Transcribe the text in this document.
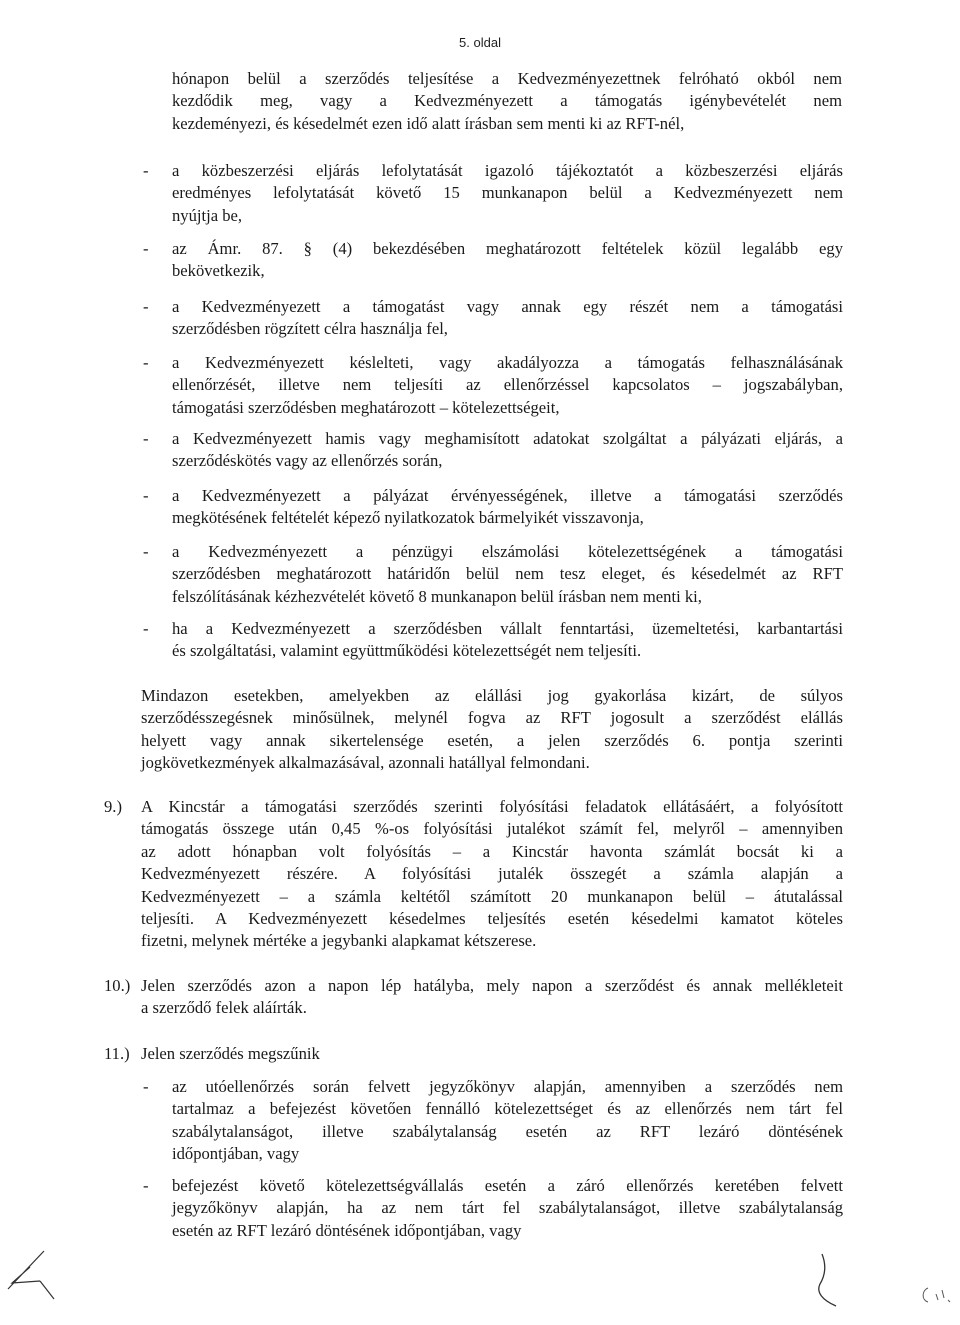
5. oldal

hónapon belül a szerződés teljesítése a Kedvezményezettnek felróható okból nem

kezdődik meg, vagy a Kedvezményezett a támogatás igénybevételét nem

kezdeményezi, és késedelmét ezen idő alatt írásban sem menti ki az RFT-nél,

- a közbeszerzési eljárás lefolytatását igazoló tájékoztatót a közbeszerzési eljárás

eredményes lefolytatását követő 15 munkanapon belül a Kedvezményezett nem

nyújtja be,

- az Ámr. 87. § (4) bekezdésében meghatározott feltételek közül legalább egy

bekövetkezik,

- a Kedvezményezett a támogatást vagy annak egy részét nem a támogatási

szerződésben rögzített célra használja fel,

- a Kedvezményezett késlelteti, vagy akadályozza a támogatás felhasználásának

ellenőrzését, illetve nem teljesíti az ellenőrzéssel kapcsolatos – jogszabályban,

támogatási szerződésben meghatározott – kötelezettségeit,

- a Kedvezményezett hamis vagy meghamisított adatokat szolgáltat a pályázati eljárás, a

szerződéskötés vagy az ellenőrzés során,

- a Kedvezményezett a pályázat érvényességének, illetve a támogatási szerződés

megkötésének feltételét képező nyilatkozatok bármelyikét visszavonja,

- a Kedvezményezett a pénzügyi elszámolási kötelezettségének a támogatási

szerződésben meghatározott határidőn belül nem tesz eleget, és késedelmét az RFT

felszólításának kézhezvételét követő 8 munkanapon belül írásban nem menti ki,

- ha a Kedvezményezett a szerződésben vállalt fenntartási, üzemeltetési, karbantartási

és szolgáltatási, valamint együttműködési kötelezettségét nem teljesíti.

Mindazon esetekben, amelyekben az elállási jog gyakorlása kizárt, de súlyos

szerződésszegésnek minősülnek, melynél fogva az RFT jogosult a szerződést elállás

helyett vagy annak sikertelensége esetén, a jelen szerződés 6. pontja szerinti

jogkövetkezmények alkalmazásával, azonnali hatállyal felmondani.

9.) A Kincstár a támogatási szerződés szerinti folyósítási feladatok ellátásáért, a folyósított

támogatás összege után 0,45 %-os folyósítási jutalékot számít fel, melyről – amennyiben

az adott hónapban volt folyósítás – a Kincstár havonta számlát bocsát ki a

Kedvezményezett részére. A folyósítási jutalék összegét a számla alapján a

Kedvezményezett – a számla keltétől számított 20 munkanapon belül – átutalással

teljesíti. A Kedvezményezett késedelmes teljesítés esetén késedelmi kamatot köteles

fizetni, melynek mértéke a jegybanki alapkamat kétszerese.

10.) Jelen szerződés azon a napon lép hatályba, mely napon a szerződést és annak mellékleteit

a szerződő felek aláírták.

11.) Jelen szerződés megszűnik

- az utóellenőrzés során felvett jegyzőkönyv alapján, amennyiben a szerződés nem

tartalmaz a befejezést követően fennálló kötelezettséget és az ellenőrzés nem tárt fel

szabálytalanságot, illetve szabálytalanság esetén az RFT lezáró döntésének

időpontjában, vagy

- befejezést követő kötelezettségvállalás esetén a záró ellenőrzés keretében felvett

jegyzőkönyv alapján, ha az nem tárt fel szabálytalanságot, illetve szabálytalanság

esetén az RFT lezáró döntésének időpontjában, vagy
